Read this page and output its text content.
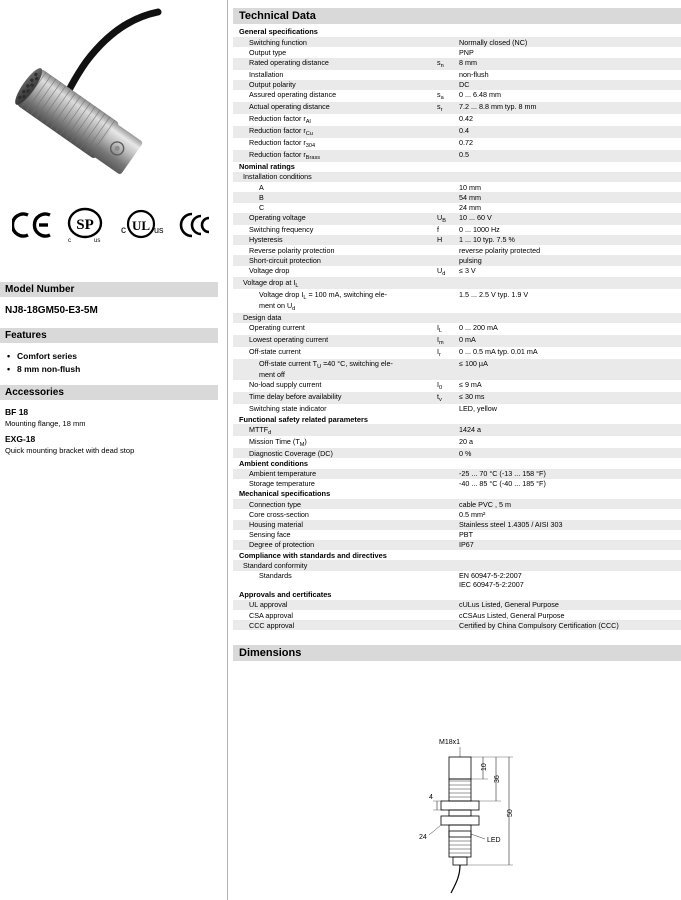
SP
c	us
c UL us
Model Number
NJ8-18GM50-E3-5M
Features
• Comfort series
• 8 mm non-flush
Accessories
BF 18
Mounting flange, 18 mm
EXG-18
Quick mounting bracket with dead stop
Technical Data
General specifications		
Switching function		Normally closed (NC)
Output type		PNP
Rated operating distance	$s_n$	8 mm
Installation		non-flush
Output polarity		DC
Assured operating distance	$s_a$	0 ... 6.48 mm
Actual operating distance	$s_r$	7.2 ... 8.8 mm typ. 8 mm
Reduction factor $r_{Al}$		0.42
Reduction factor $r_{Cu}$		0.4
Reduction factor $r_{304}$		0.72
Reduction factor $r_{Brass}$		0.5
Nominal ratings		
Installation conditions		
A		10 mm
B		54 mm
C		24 mm
Operating voltage	$U_B$	10 ... 60 V
Switching frequency	f	0 ... 1000 Hz
Hysteresis	H	1 ... 10 typ. 7.5 %
Reverse polarity protection		reverse polarity protected
Short-circuit protection		pulsing
Voltage drop	$U_d$	≤ 3 V
Voltage drop at $I_L$		
Voltage drop $I_L = 100$ mA, switching ele-
ment on $U_d$		1.5 ... 2.5 V typ. 1.9 V
Design data		
Operating current	$I_L$	0 ... 200 mA
Lowest operating current	$I_m$	0 mA
Off-state current	$I_r$	0 ... 0.5 mA typ. 0.01 mA
Off-state current $T_U =40$ °C, switching ele-
ment off		≤ 100 µA
No-load supply current	$I_0$	≤ 9 mA
Time delay before availability	$t_v$	≤ 30 ms
Switching state indicator		LED, yellow
Functional safety related parameters		
$MTTF_d$		1424 a
Mission Time $(T_M)$		20 a
Diagnostic Coverage (DC)		0 %
Ambient conditions		
Ambient temperature		-25 ... 70 °C (-13 ... 158 °F)
Storage temperature		-40 ... 85 °C (-40 ... 185 °F)
Mechanical specifications		
Connection type		cable PVC , 5 m
Core cross-section		0.5 mm²
Housing material		Stainless steel 1.4305 / AISI 303
Sensing face		PBT
Degree of protection		IP67
Compliance with standards and directives		
Standard conformity		
Standards		EN 60947-5-2:2007
IEC 60947-5-2:2007
Approvals and certificates		
UL approval		cULus Listed, General Purpose
CSA approval		cCSAus Listed, General Purpose
CCC approval		Certified by China Compulsory Certification (CCC)
Dimensions
M18x1
10
36
50
4
24	LED
